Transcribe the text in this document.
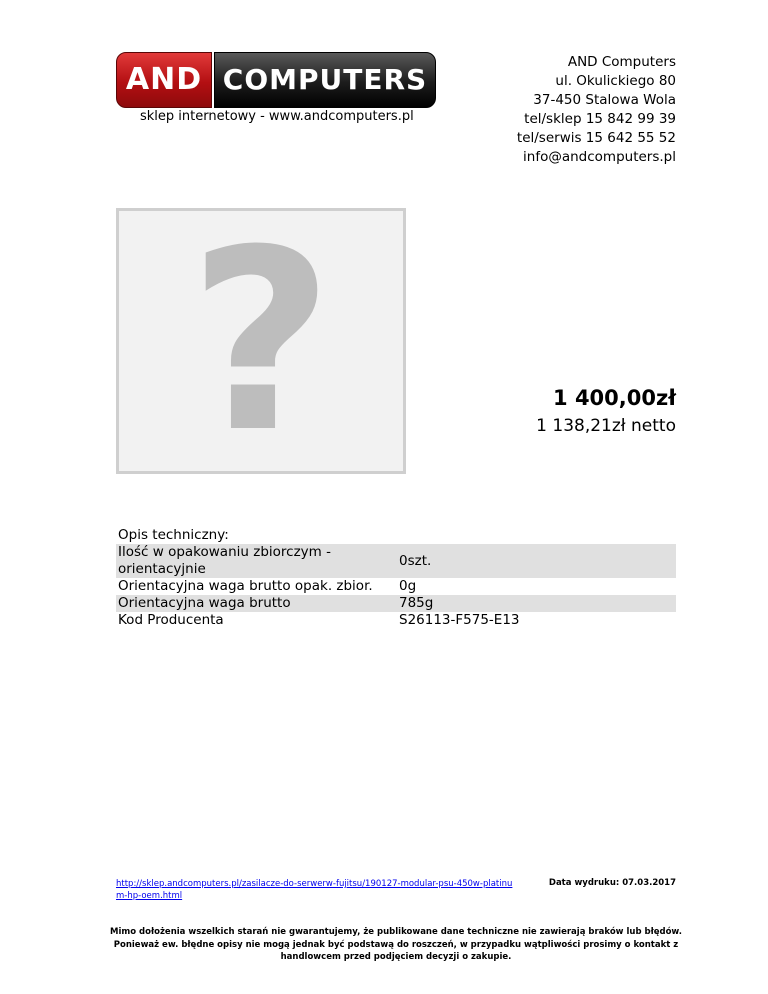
AND COMPUTERS
sklep internetowy - www.andcomputers.pl
AND Computers
ul. Okulickiego 80
37-450 Stalowa Wola
tel/sklep 15 842 99 39
tel/serwis 15 642 55 52
info@andcomputers.pl
?	1 400,00zł
1 138,21zł netto
Opis techniczny:
Ilość w opakowaniu zbiorczym - orientacyjnie	0szt.
Orientacyjna waga brutto opak. zbior.	0g
Orientacyjna waga brutto	785g
Kod Producenta	S26113-F575-E13
http://sklep.andcomputers.pl/zasilacze-do-serwerw-fujitsu/190127-modular-psu-450w-platinum-hp-oem.html
Data wydruku: 07.03.2017
Mimo dołożenia wszelkich starań nie gwarantujemy, że publikowane dane techniczne nie zawierają braków lub błędów. Ponieważ ew. błędne opisy nie mogą jednak być podstawą do roszczeń, w przypadku wątpliwości prosimy o kontakt z handlowcem przed podjęciem decyzji o zakupie.
